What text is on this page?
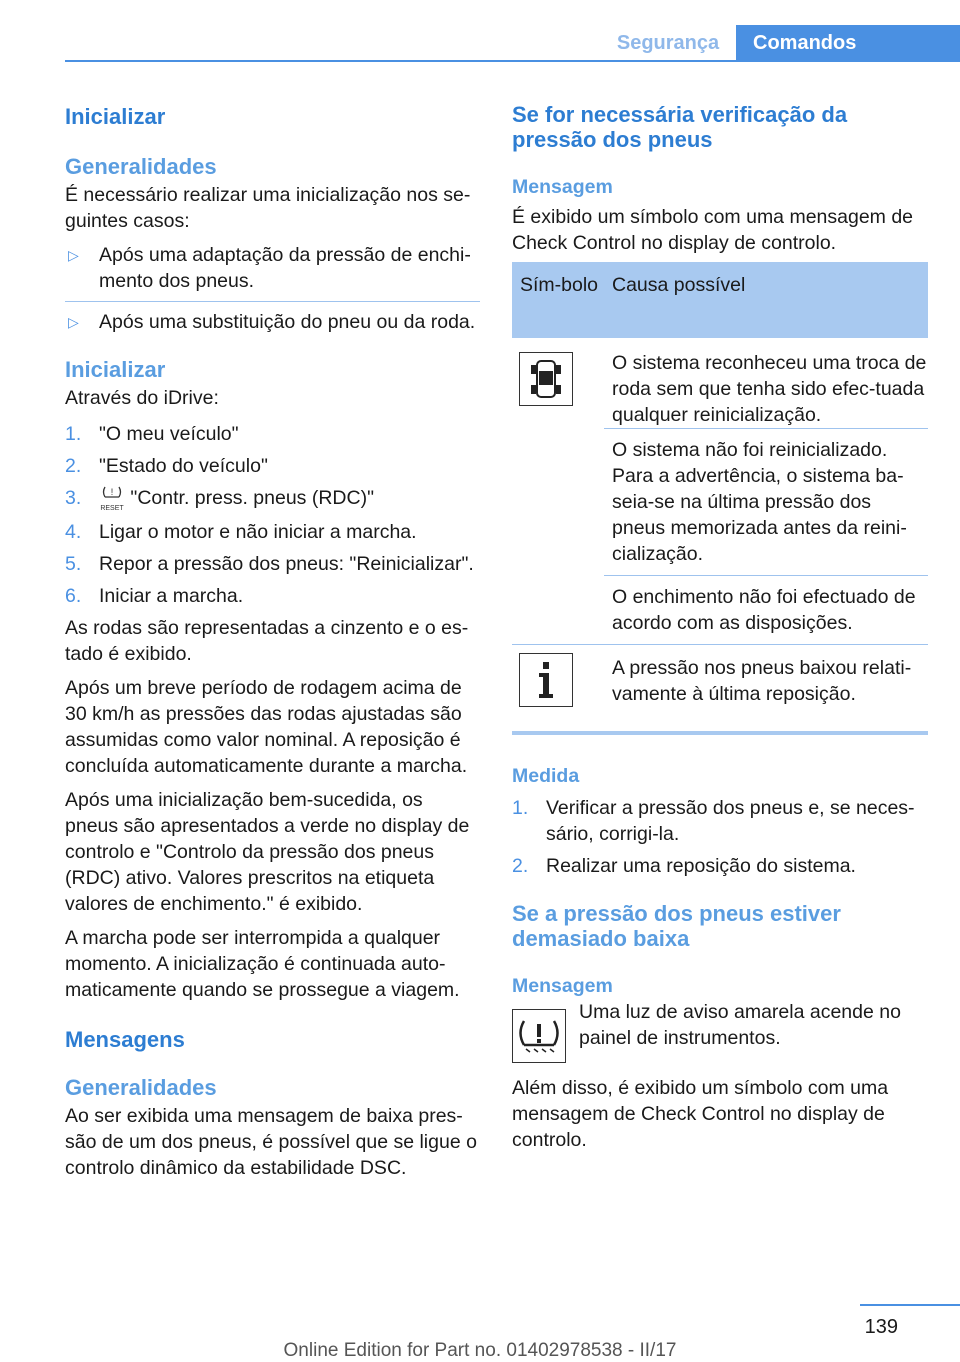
Segurança	Comandos
Inicializar
Generalidades

É necessário realizar uma inicialização nos se-guintes casos:

▷ Após uma adaptação da pressão de enchi-mento dos pneus.
▷ Após uma substituição do pneu ou da roda.
Inicializar

Através do iDrive:

1. "O meu veículo"
2. "Estado do veículo"
3.	!

RESET "Contr. press. pneus (RDC)"
4. Ligar o motor e não iniciar a marcha.
5. Repor a pressão dos pneus: "Reinicializar".
6. Iniciar a marcha.

As rodas são representadas a cinzento e o es-tado é exibido.

Após um breve período de rodagem acima de 30 km/h as pressões das rodas ajustadas são assumidas como valor nominal. A reposição é concluída automaticamente durante a marcha.

Após uma inicialização bem-sucedida, os pneus são apresentados a verde no display de controlo e "Controlo da pressão dos pneus (RDC) ativo. Valores prescritos na etiqueta valores de enchimento." é exibido.

A marcha pode ser interrompida a qualquer momento. A inicialização é continuada auto-maticamente quando se prossegue a viagem.

Mensagens
Generalidades

Ao ser exibida uma mensagem de baixa pres-são de um dos pneus, é possível que se ligue o controlo dinâmico da estabilidade DSC.

Se for necessária verificação da pressão dos pneus
Mensagem

É exibido um símbolo com uma mensagem de Check Control no display de controlo.

Sím-bolo	Causa possível

	O sistema reconheceu uma troca de roda sem que tenha sido efec-tuada qualquer reinicialização.
	O sistema não foi reinicializado. Para a advertência, o sistema ba-seia-se na última pressão dos pneus memorizada antes da reini-cialização.
	O enchimento não foi efectuado de acordo com as disposições.

	A pressão nos pneus baixou relati-vamente à última reposição.
Medida
1. Verificar a pressão dos pneus e, se neces-sário, corrigi-la.
2. Realizar uma reposição do sistema.
Se a pressão dos pneus estiver demasiado baixa
Mensagem

Uma luz de aviso amarela acende no painel de instrumentos.

Além disso, é exibido um símbolo com uma mensagem de Check Control no display de controlo.

139
Online Edition for Part no. 01402978538 - II/17
